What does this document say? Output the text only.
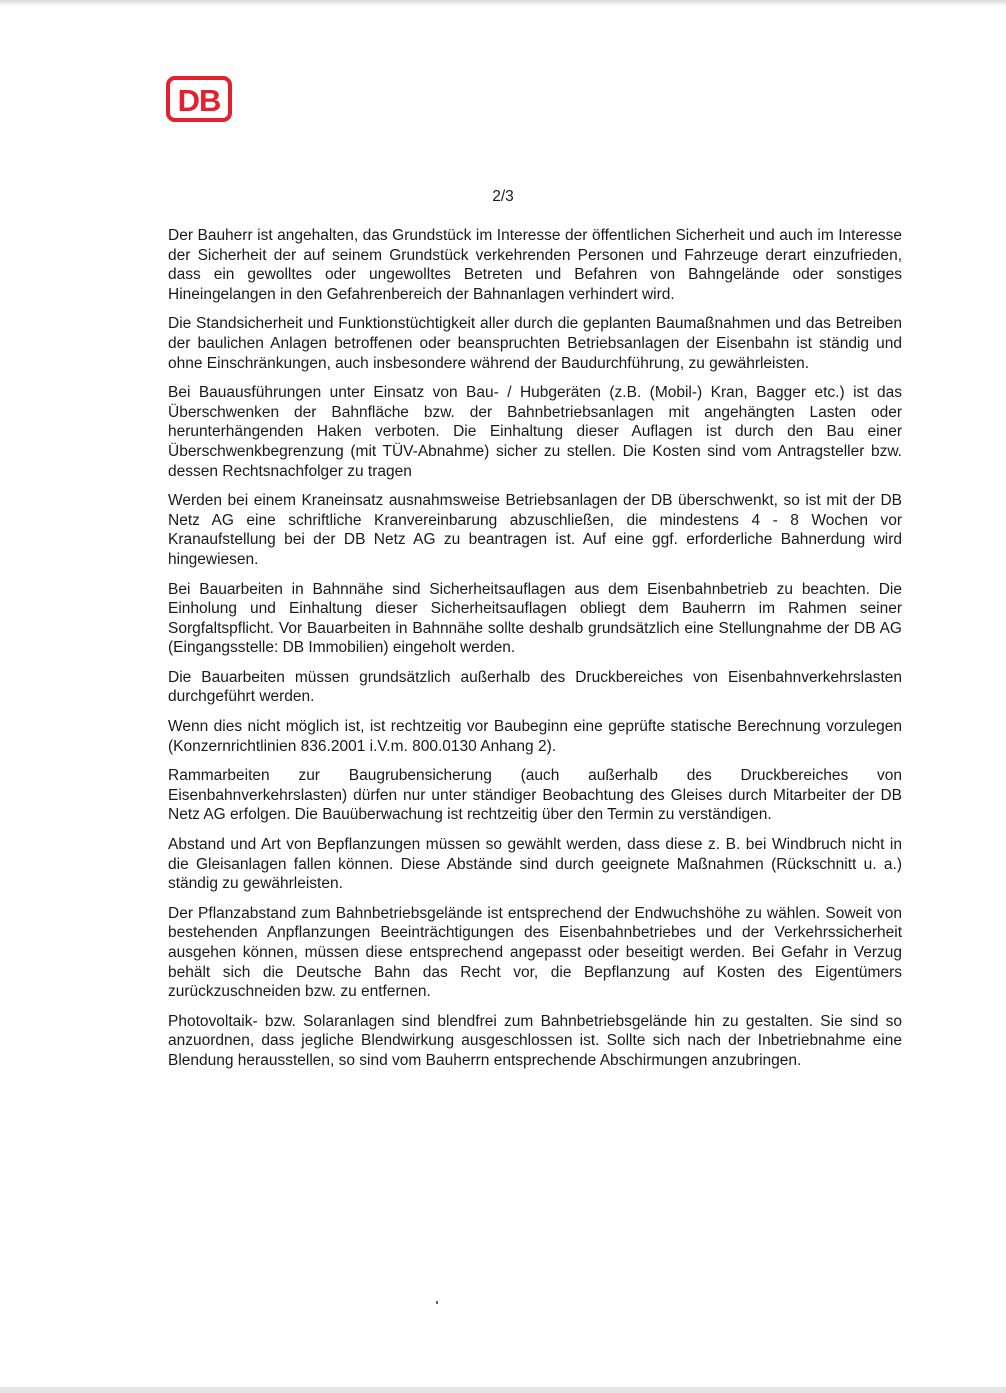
DB
2/3

Der Bauherr ist angehalten, das Grundstück im Interesse der öffentlichen Sicherheit und auch im Interesse der Sicherheit der auf seinem Grundstück verkehrenden Personen und Fahrzeuge derart einzufrieden, dass ein gewolltes oder ungewolltes Betreten und Befahren von Bahngelände oder sonstiges Hineingelangen in den Gefahrenbereich der Bahnanlagen verhindert wird.

Die Standsicherheit und Funktionstüchtigkeit aller durch die geplanten Baumaßnahmen und das Betreiben der baulichen Anlagen betroffenen oder beanspruchten Betriebsanlagen der Eisenbahn ist ständig und ohne Einschränkungen, auch insbesondere während der Baudurchführung, zu gewährleisten.

Bei Bauausführungen unter Einsatz von Bau- / Hubgeräten (z.B. (Mobil-) Kran, Bagger etc.) ist das Überschwenken der Bahnfläche bzw. der Bahnbetriebsanlagen mit angehängten Lasten oder herunterhängenden Haken verboten. Die Einhaltung dieser Auflagen ist durch den Bau einer Überschwenkbegrenzung (mit TÜV-Abnahme) sicher zu stellen. Die Kosten sind vom Antragsteller bzw. dessen Rechtsnachfolger zu tragen

Werden bei einem Kraneinsatz ausnahmsweise Betriebsanlagen der DB überschwenkt, so ist mit der DB Netz AG eine schriftliche Kranvereinbarung abzuschließen, die mindestens 4 - 8 Wochen vor Kranaufstellung bei der DB Netz AG zu beantragen ist. Auf eine ggf. erforderliche Bahnerdung wird hingewiesen.

Bei Bauarbeiten in Bahnnähe sind Sicherheitsauflagen aus dem Eisenbahnbetrieb zu beachten. Die Einholung und Einhaltung dieser Sicherheitsauflagen obliegt dem Bauherrn im Rahmen seiner Sorgfaltspflicht. Vor Bauarbeiten in Bahnnähe sollte deshalb grundsätzlich eine Stellungnahme der DB AG (Eingangsstelle: DB Immobilien) eingeholt werden.

Die Bauarbeiten müssen grundsätzlich außerhalb des Druckbereiches von Eisenbahnverkehrslasten durchgeführt werden.

Wenn dies nicht möglich ist, ist rechtzeitig vor Baubeginn eine geprüfte statische Berechnung vorzulegen (Konzernrichtlinien 836.2001 i.V.m. 800.0130 Anhang 2).

Rammarbeiten zur Baugrubensicherung (auch außerhalb des Druckbereiches von Eisenbahnverkehrslasten) dürfen nur unter ständiger Beobachtung des Gleises durch Mitarbeiter der DB Netz AG erfolgen. Die Bauüberwachung ist rechtzeitig über den Termin zu verständigen.

Abstand und Art von Bepflanzungen müssen so gewählt werden, dass diese z. B. bei Windbruch nicht in die Gleisanlagen fallen können. Diese Abstände sind durch geeignete Maßnahmen (Rückschnitt u. a.) ständig zu gewährleisten.

Der Pflanzabstand zum Bahnbetriebsgelände ist entsprechend der Endwuchshöhe zu wählen. Soweit von bestehenden Anpflanzungen Beeinträchtigungen des Eisenbahnbetriebes und der Verkehrssicherheit ausgehen können, müssen diese entsprechend angepasst oder beseitigt werden. Bei Gefahr in Verzug behält sich die Deutsche Bahn das Recht vor, die Bepflanzung auf Kosten des Eigentümers zurückzuschneiden bzw. zu entfernen.

Photovoltaik- bzw. Solaranlagen sind blendfrei zum Bahnbetriebsgelände hin zu gestalten. Sie sind so anzuordnen, dass jegliche Blendwirkung ausgeschlossen ist. Sollte sich nach der Inbetriebnahme eine Blendung herausstellen, so sind vom Bauherrn entsprechende Abschirmungen anzubringen.
